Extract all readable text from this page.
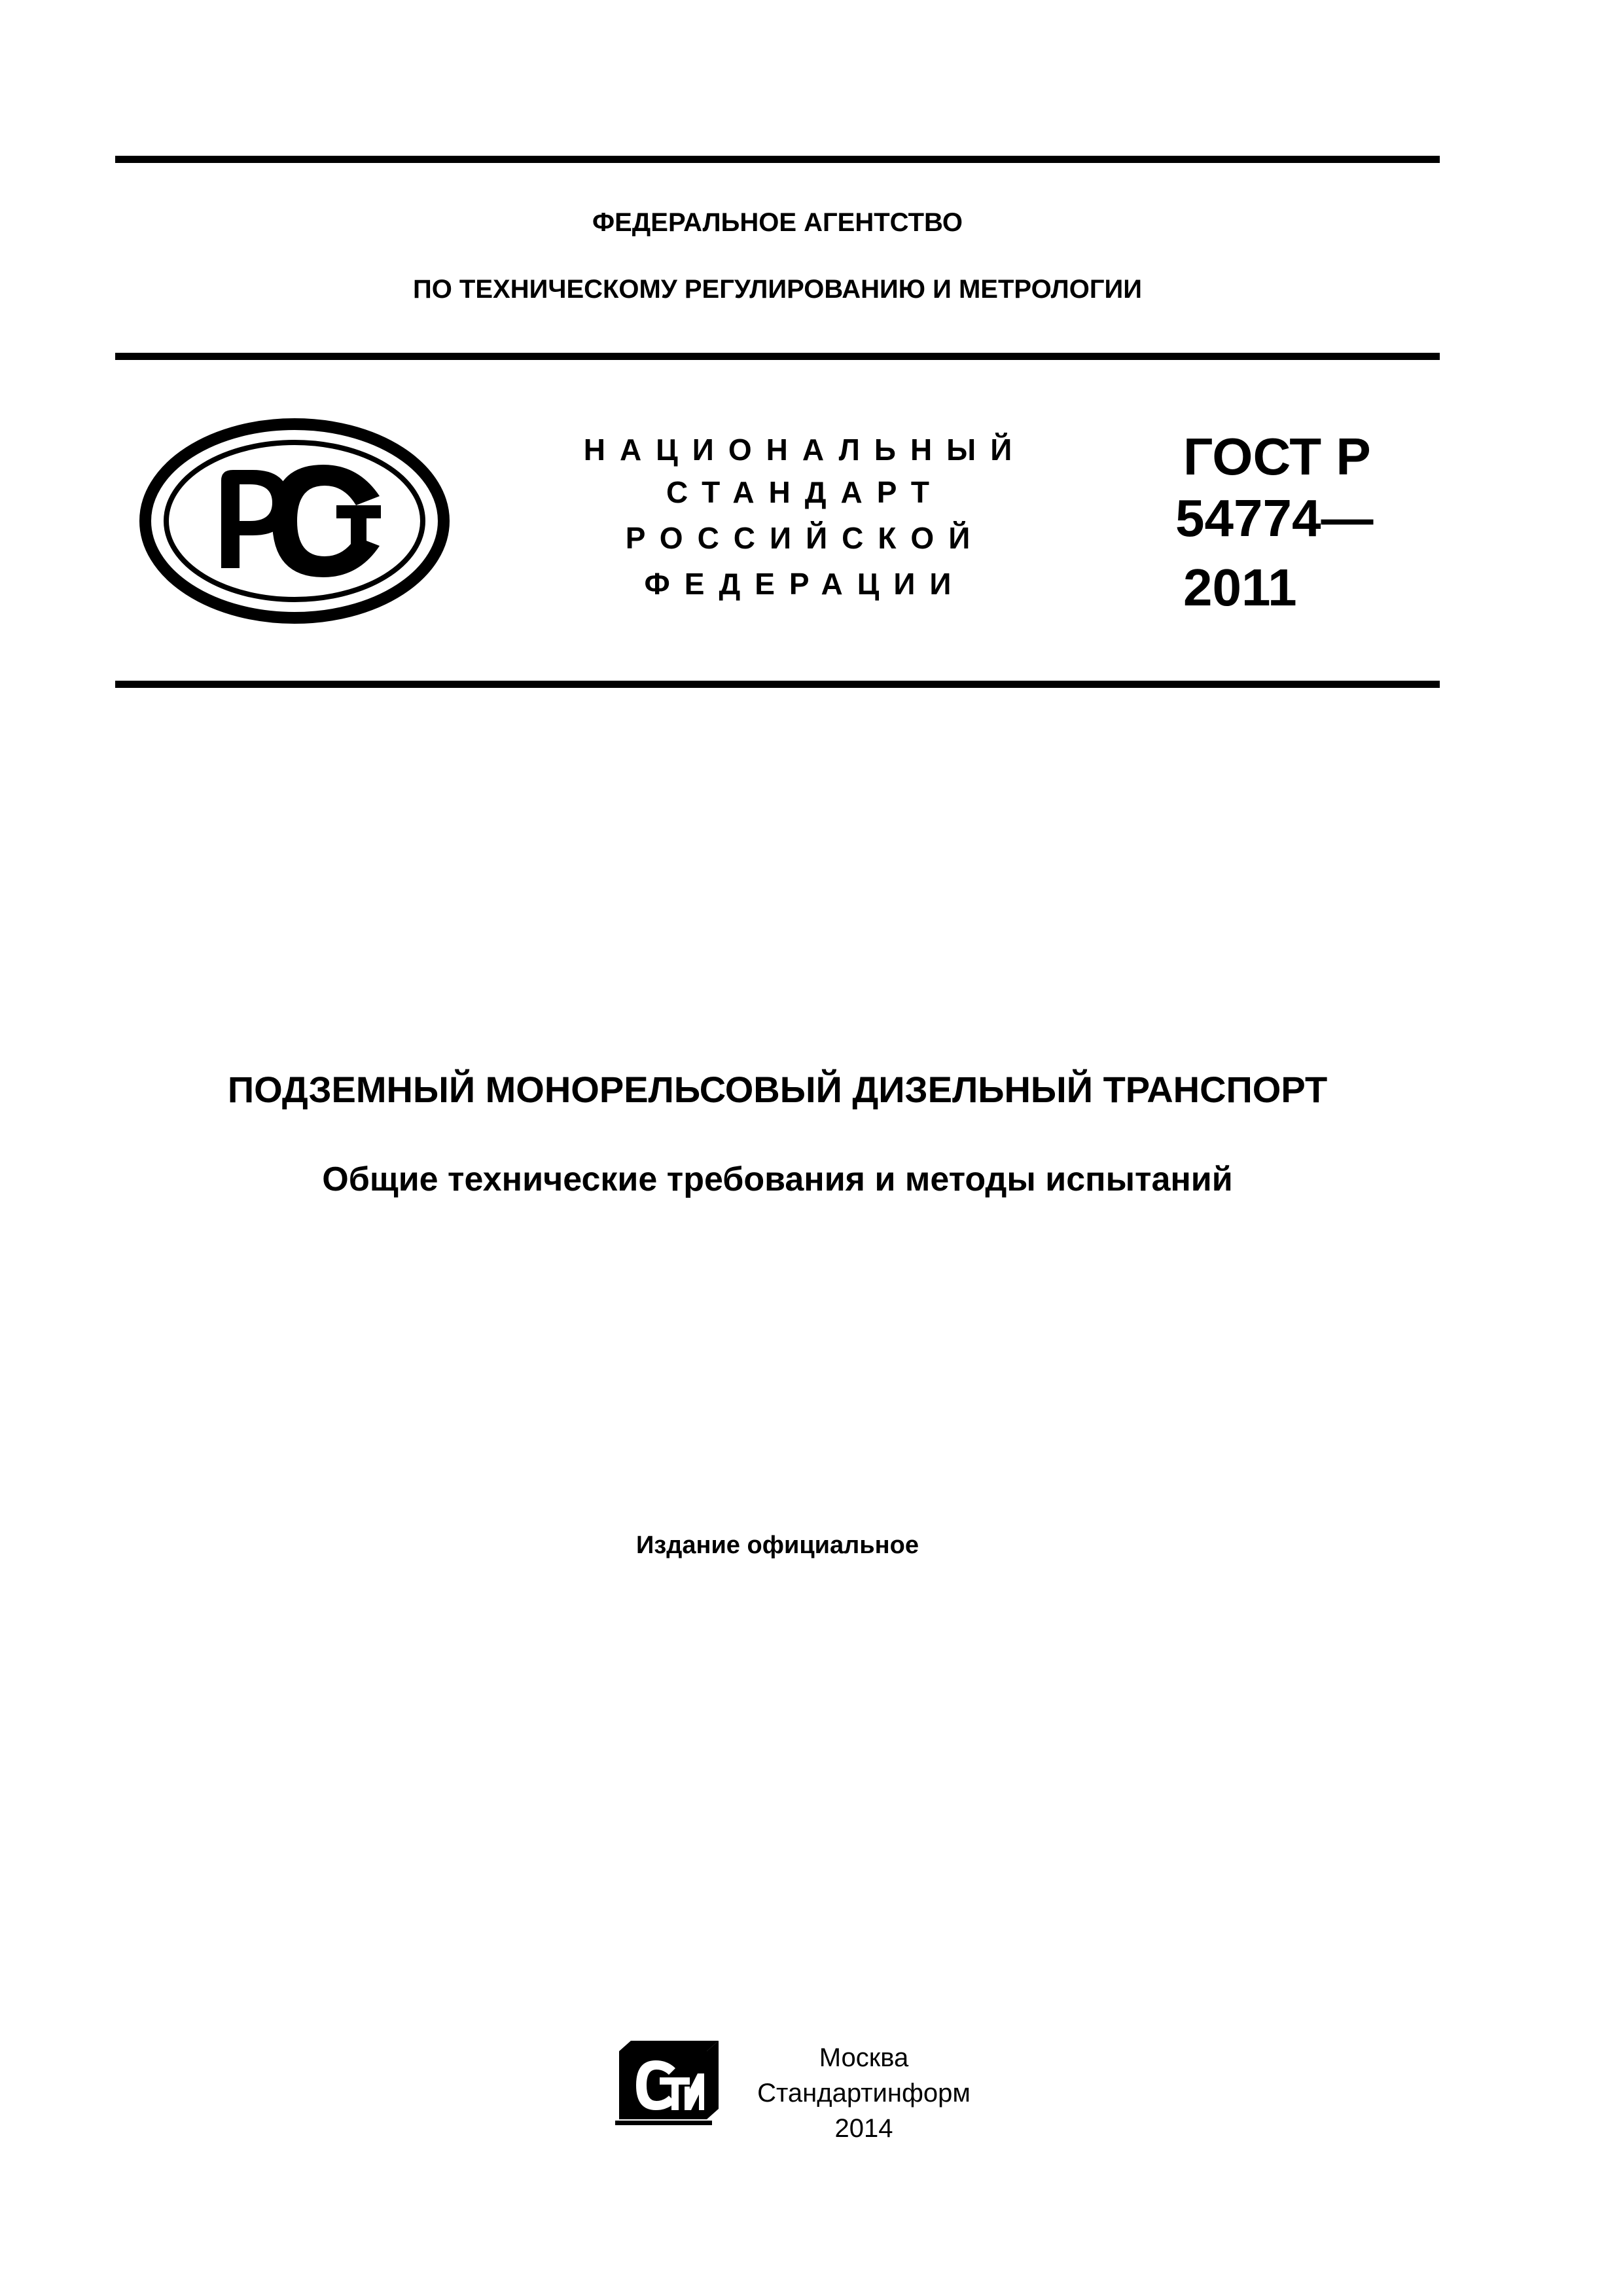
ФЕДЕРАЛЬНОЕ АГЕНТСТВО
ПО ТЕХНИЧЕСКОМУ РЕГУЛИРОВАНИЮ И МЕТРОЛОГИИ
НАЦИОНАЛЬНЫЙ
СТАНДАРТ
РОССИЙСКОЙ
ФЕДЕРАЦИИ
ГОСТ Р
54774—
2011
ПОДЗЕМНЫЙ МОНОРЕЛЬСОВЫЙ ДИЗЕЛЬНЫЙ ТРАНСПОРТ
Общие технические требования и методы испытаний
Издание официальное
Москва
Стандартинформ
2014
